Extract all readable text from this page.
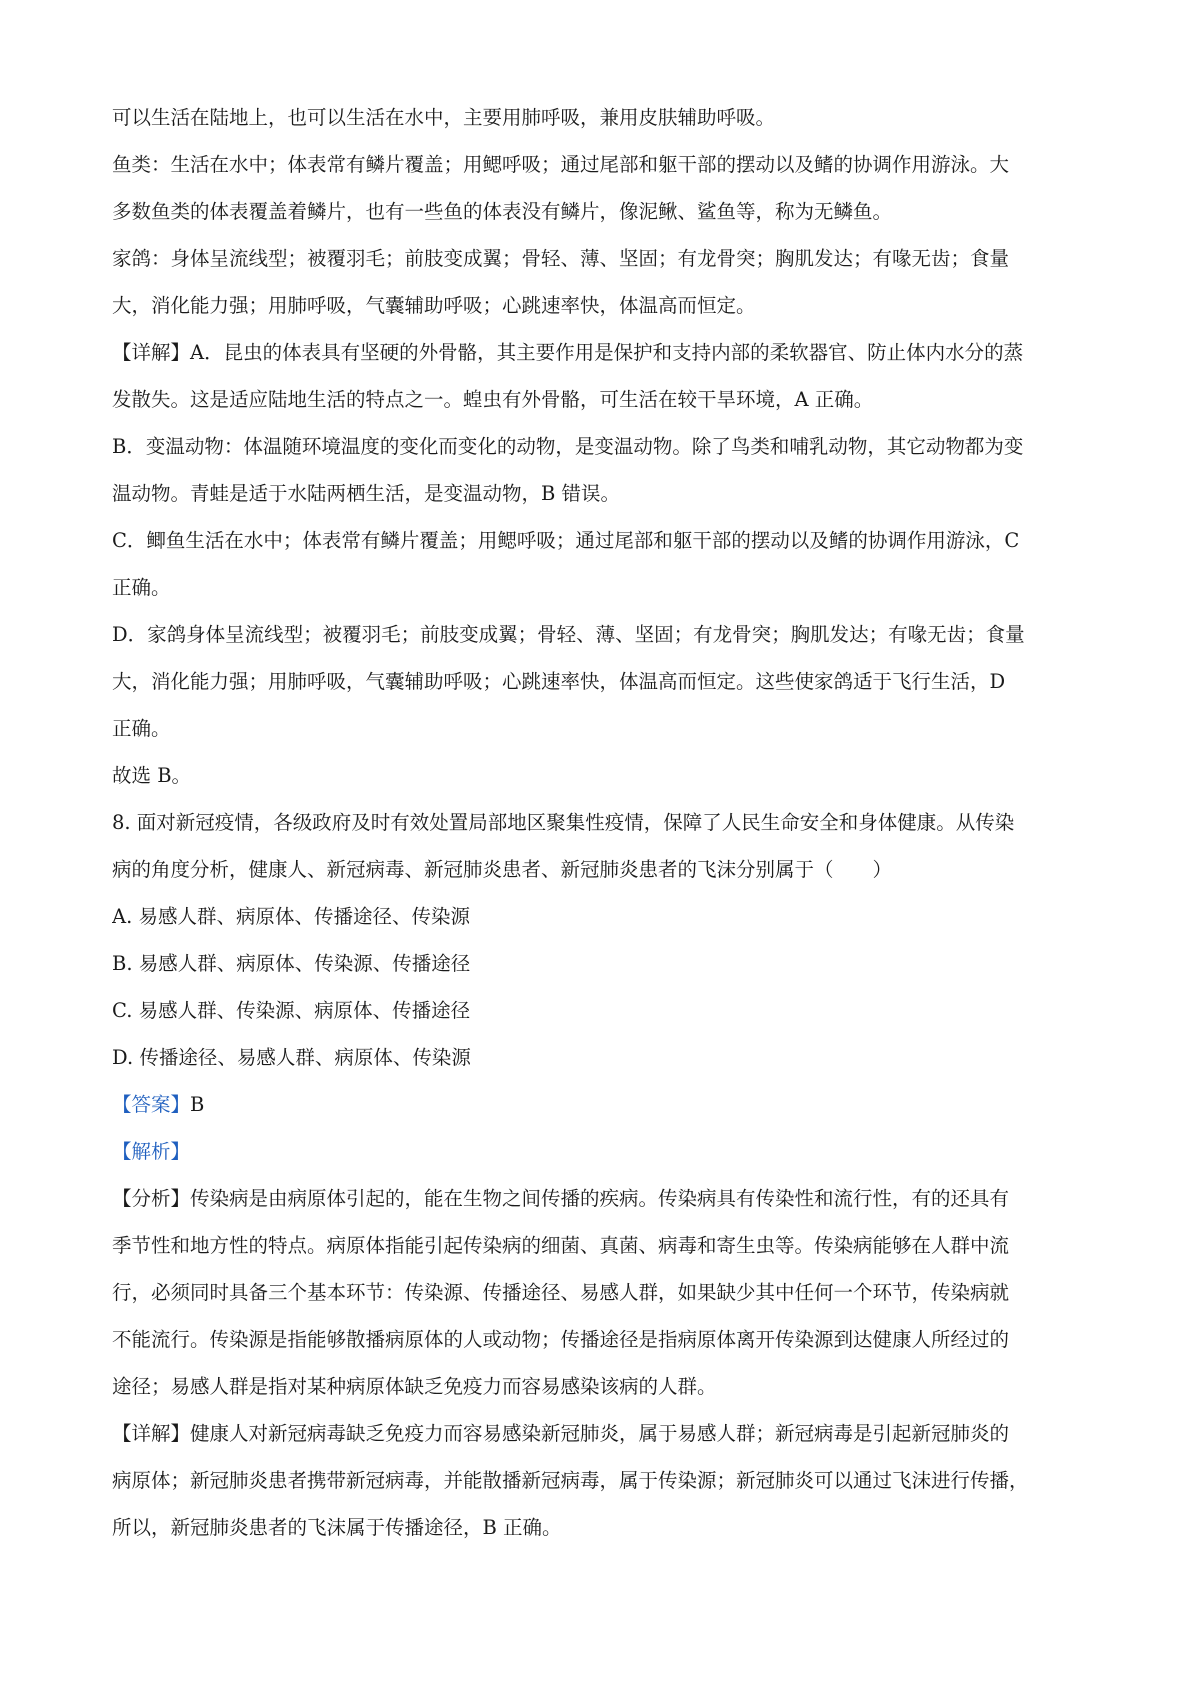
可以生活在陆地上，也可以生活在水中，主要用肺呼吸，兼用皮肤辅助呼吸。

鱼类：生活在水中；体表常有鳞片覆盖；用鳃呼吸；通过尾部和躯干部的摆动以及鳍的协调作用游泳。大
多数鱼类的体表覆盖着鳞片，也有一些鱼的体表没有鳞片，像泥鳅、鲨鱼等，称为无鳞鱼。

家鸽：身体呈流线型；被覆羽毛；前肢变成翼；骨轻、薄、坚固；有龙骨突；胸肌发达；有喙无齿；食量
大，消化能力强；用肺呼吸，气囊辅助呼吸；心跳速率快，体温高而恒定。

【详解】A．昆虫的体表具有坚硬的外骨骼，其主要作用是保护和支持内部的柔软器官、防止体内水分的蒸
发散失。这是适应陆地生活的特点之一。蝗虫有外骨骼，可生活在较干旱环境，A 正确。

B．变温动物：体温随环境温度的变化而变化的动物，是变温动物。除了鸟类和哺乳动物，其它动物都为变
温动物。青蛙是适于水陆两栖生活，是变温动物，B 错误。

C．鲫鱼生活在水中；体表常有鳞片覆盖；用鳃呼吸；通过尾部和躯干部的摆动以及鳍的协调作用游泳，C
正确。

D．家鸽身体呈流线型；被覆羽毛；前肢变成翼；骨轻、薄、坚固；有龙骨突；胸肌发达；有喙无齿；食量
大，消化能力强；用肺呼吸，气囊辅助呼吸；心跳速率快，体温高而恒定。这些使家鸽适于飞行生活，D
正确。

故选 B。

8. 面对新冠疫情，各级政府及时有效处置局部地区聚集性疫情，保障了人民生命安全和身体健康。从传染
病的角度分析，健康人、新冠病毒、新冠肺炎患者、新冠肺炎患者的飞沫分别属于（　　）

A. 易感人群、病原体、传播途径、传染源

B. 易感人群、病原体、传染源、传播途径

C. 易感人群、传染源、病原体、传播途径

D. 传播途径、易感人群、病原体、传染源

【答案】B

【解析】

【分析】传染病是由病原体引起的，能在生物之间传播的疾病。传染病具有传染性和流行性，有的还具有
季节性和地方性的特点。病原体指能引起传染病的细菌、真菌、病毒和寄生虫等。传染病能够在人群中流
行，必须同时具备三个基本环节：传染源、传播途径、易感人群，如果缺少其中任何一个环节，传染病就
不能流行。传染源是指能够散播病原体的人或动物；传播途径是指病原体离开传染源到达健康人所经过的
途径；易感人群是指对某种病原体缺乏免疫力而容易感染该病的人群。

【详解】健康人对新冠病毒缺乏免疫力而容易感染新冠肺炎，属于易感人群；新冠病毒是引起新冠肺炎的
病原体；新冠肺炎患者携带新冠病毒，并能散播新冠病毒，属于传染源；新冠肺炎可以通过飞沫进行传播，
所以，新冠肺炎患者的飞沫属于传播途径，B 正确。
